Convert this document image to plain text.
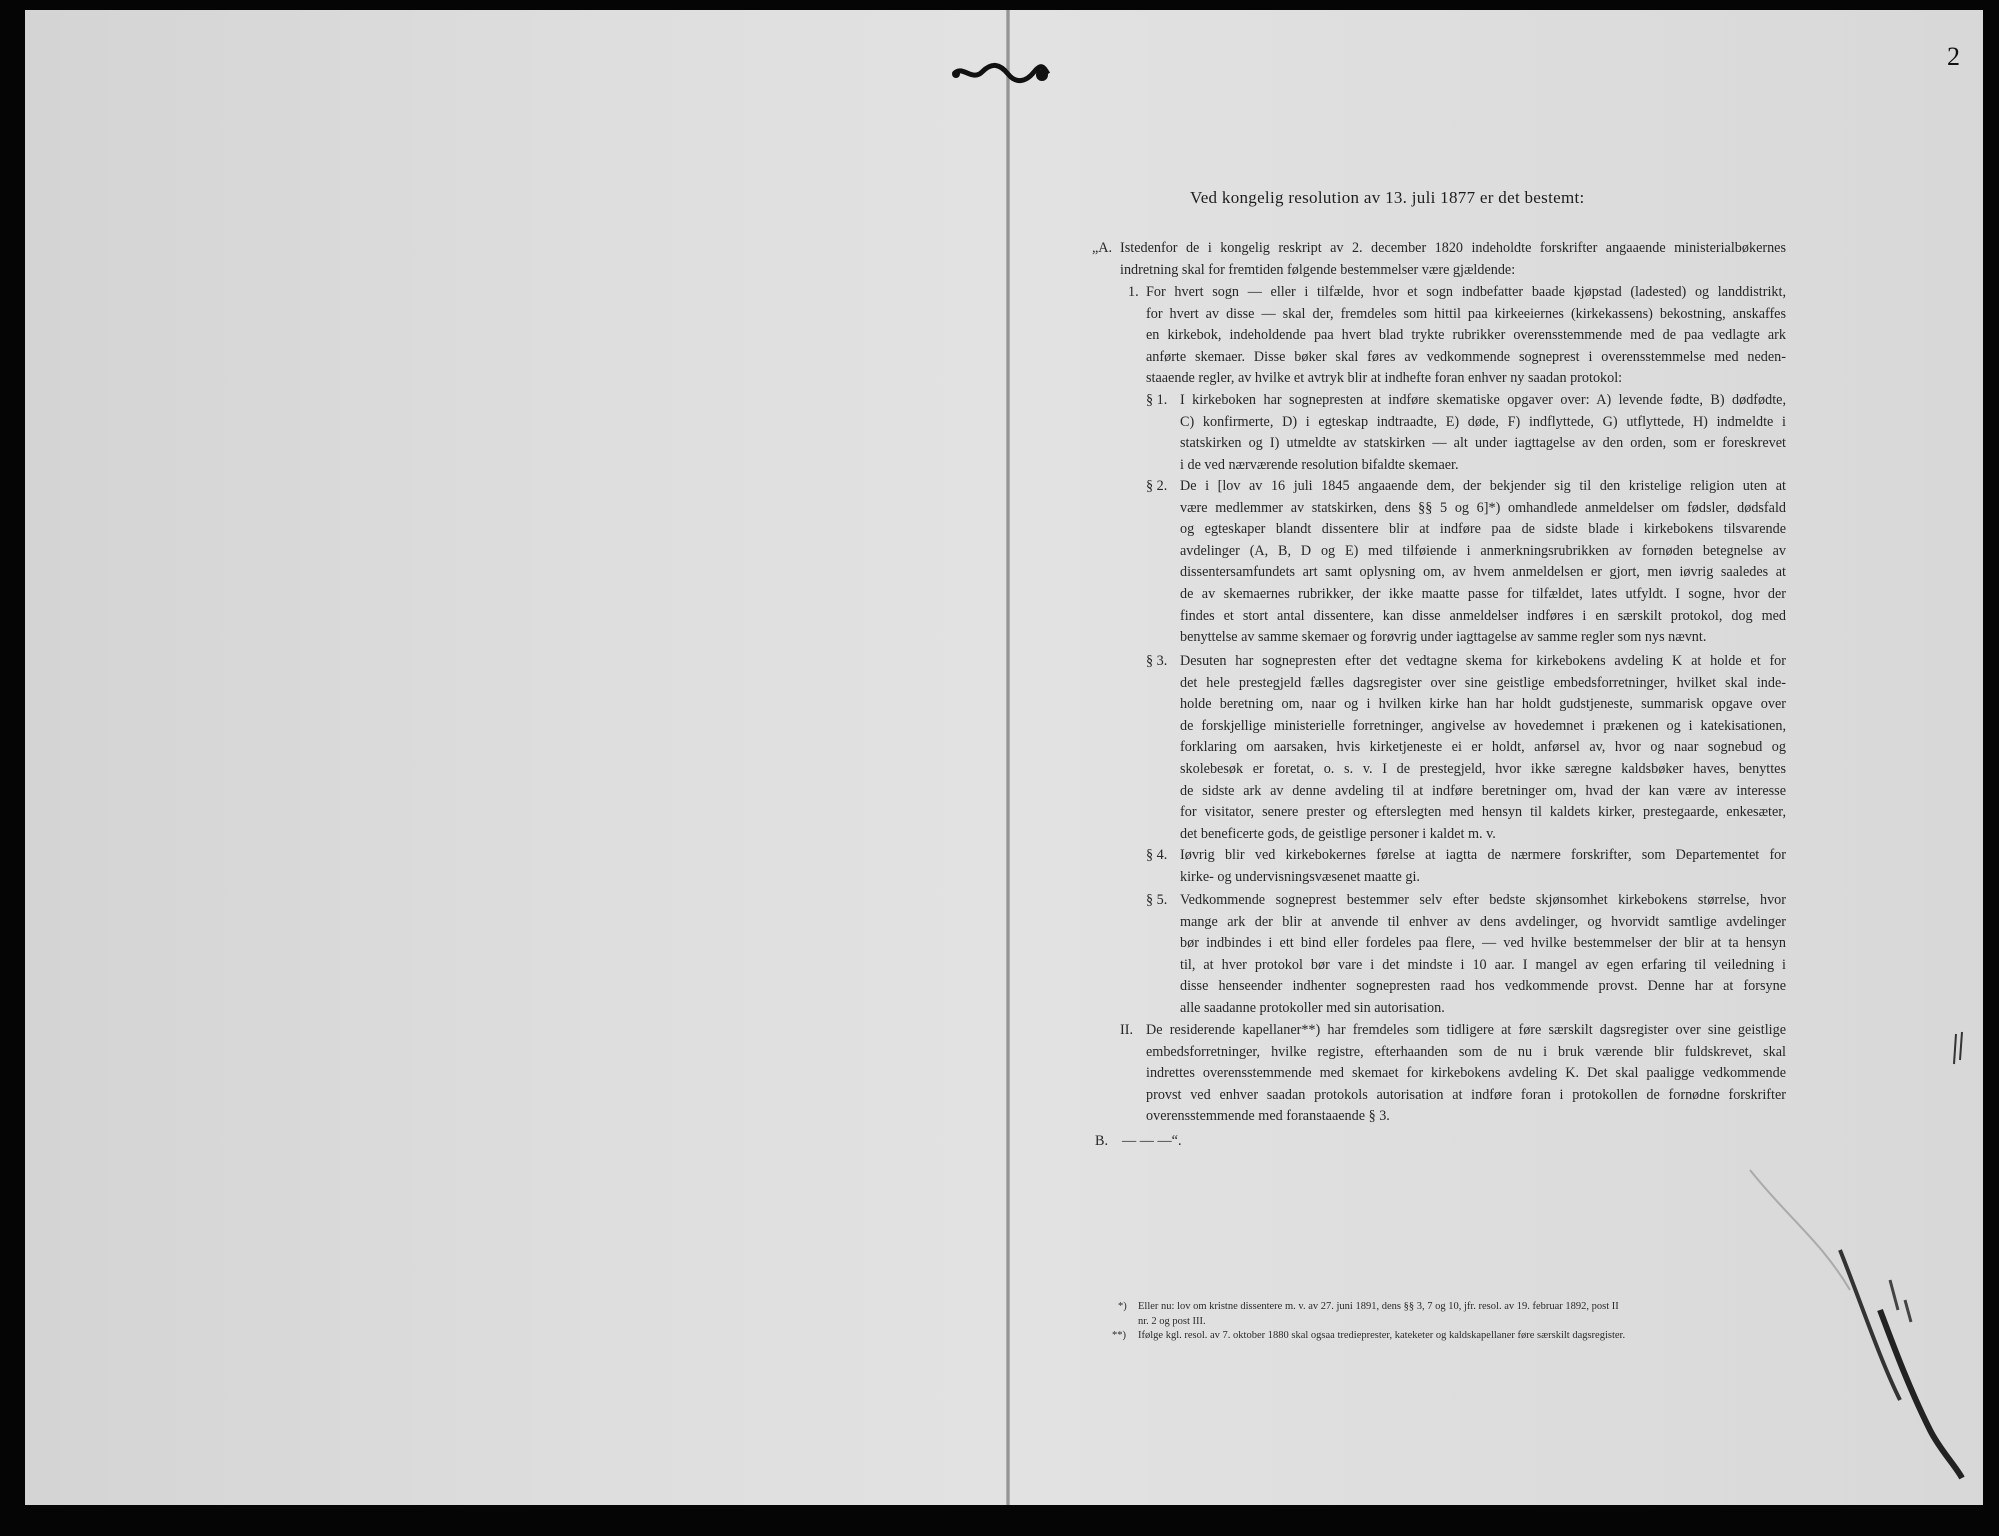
2
Ved kongelig resolution av 13. juli 1877 er det bestemt:
„A. Istedenfor de i kongelig reskript av 2. december 1820 indeholdte forskrifter angaaende ministerialbøkernes
indretning skal for fremtiden følgende bestemmelser være gjældende:
1. For hvert sogn — eller i tilfælde, hvor et sogn indbefatter baade kjøpstad (ladested) og landdistrikt,
for hvert av disse — skal der, fremdeles som hittil paa kirkeeiernes (kirkekassens) bekostning, anskaffes
en kirkebok, indeholdende paa hvert blad trykte rubrikker overensstemmende med de paa vedlagte ark
anførte skemaer. Disse bøker skal føres av vedkommende sogneprest i overensstemmelse med neden-
staaende regler, av hvilke et avtryk blir at indhefte foran enhver ny saadan protokol:
§ 1. I kirkeboken har sognepresten at indføre skematiske opgaver over: A) levende fødte, B) dødfødte,
C) konfirmerte, D) i egteskap indtraadte, E) døde, F) indflyttede, G) utflyttede, H) indmeldte i
statskirken og I) utmeldte av statskirken — alt under iagttagelse av den orden, som er foreskrevet
i de ved nærværende resolution bifaldte skemaer.
§ 2. De i [lov av 16 juli 1845 angaaende dem, der bekjender sig til den kristelige religion uten at
være medlemmer av statskirken, dens §§ 5 og 6]*) omhandlede anmeldelser om fødsler, dødsfald
og egteskaper blandt dissentere blir at indføre paa de sidste blade i kirkebokens tilsvarende
avdelinger (A, B, D og E) med tilføiende i anmerkningsrubrikken av fornøden betegnelse av
dissentersamfundets art samt oplysning om, av hvem anmeldelsen er gjort, men iøvrig saaledes at
de av skemaernes rubrikker, der ikke maatte passe for tilfældet, lates utfyldt. I sogne, hvor der
findes et stort antal dissentere, kan disse anmeldelser indføres i en særskilt protokol, dog med
benyttelse av samme skemaer og forøvrig under iagttagelse av samme regler som nys nævnt.
§ 3. Desuten har sognepresten efter det vedtagne skema for kirkebokens avdeling K at holde et for
det hele prestegjeld fælles dagsregister over sine geistlige embedsforretninger, hvilket skal inde-
holde beretning om, naar og i hvilken kirke han har holdt gudstjeneste, summarisk opgave over
de forskjellige ministerielle forretninger, angivelse av hovedemnet i prækenen og i katekisationen,
forklaring om aarsaken, hvis kirketjeneste ei er holdt, anførsel av, hvor og naar sognebud og
skolebesøk er foretat, o. s. v. I de prestegjeld, hvor ikke særegne kaldsbøker haves, benyttes
de sidste ark av denne avdeling til at indføre beretninger om, hvad der kan være av interesse
for visitator, senere prester og efterslegten med hensyn til kaldets kirker, prestegaarde, enkesæter,
det beneficerte gods, de geistlige personer i kaldet m. v.
§ 4. Iøvrig blir ved kirkebokernes førelse at iagtta de nærmere forskrifter, som Departementet for
kirke- og undervisningsvæsenet maatte gi.
§ 5. Vedkommende sogneprest bestemmer selv efter bedste skjønsomhet kirkebokens størrelse, hvor
mange ark der blir at anvende til enhver av dens avdelinger, og hvorvidt samtlige avdelinger
bør indbindes i ett bind eller fordeles paa flere, — ved hvilke bestemmelser der blir at ta hensyn
til, at hver protokol bør vare i det mindste i 10 aar. I mangel av egen erfaring til veiledning i
disse henseender indhenter sognepresten raad hos vedkommende provst. Denne har at forsyne
alle saadanne protokoller med sin autorisation.
II. De residerende kapellaner**) har fremdeles som tidligere at føre særskilt dagsregister over sine geistlige
embedsforretninger, hvilke registre, efterhaanden som de nu i bruk værende blir fuldskrevet, skal
indrettes overensstemmende med skemaet for kirkebokens avdeling K. Det skal paaligge vedkommende
provst ved enhver saadan protokols autorisation at indføre foran i protokollen de fornødne forskrifter
overensstemmende med foranstaaende § 3.
B. — — —“.
*) Eller nu: lov om kristne dissentere m. v. av 27. juni 1891, dens §§ 3, 7 og 10, jfr. resol. av 19. februar 1892, post II
nr. 2 og post III.
**) Ifølge kgl. resol. av 7. oktober 1880 skal ogsaa tredieprester, kateketer og kaldskapellaner føre særskilt dagsregister.
